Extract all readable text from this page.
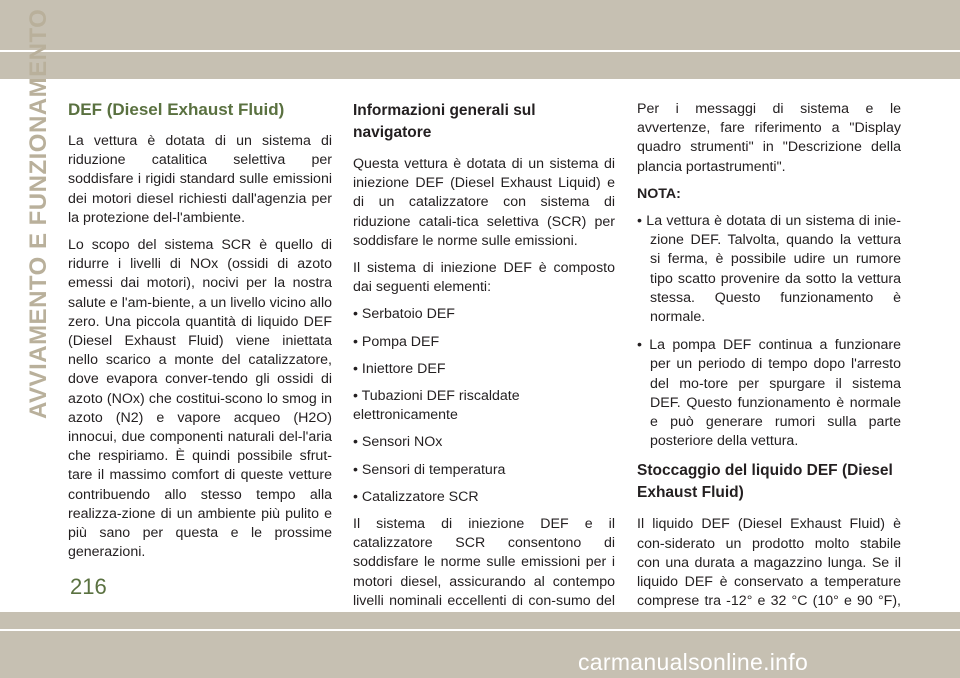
AVVIAMENTO E FUNZIONAMENTO DEF (Diesel Exhaust Fluid)

La vettura è dotata di un sistema di riduzione catalitica selettiva per soddisfare i rigidi standard sulle emissioni dei motori diesel richiesti dall'agenzia per la protezione del-l'ambiente.

Lo scopo del sistema SCR è quello di ridurre i livelli di NOx (ossidi di azoto emessi dai motori), nocivi per la nostra salute e l'am-biente, a un livello vicino allo zero. Una piccola quantità di liquido DEF (Diesel Exhaust Fluid) viene iniettata nello scarico a monte del catalizzatore, dove evapora conver-tendo gli ossidi di azoto (NOx) che costitui-scono lo smog in azoto (N2) e vapore acqueo (H2O) innocui, due componenti naturali del-l'aria che respiriamo. È quindi possibile sfrut-tare il massimo comfort di queste vetture contribuendo allo stesso tempo alla realizza-zione di un ambiente più pulito e più sano per questa e le prossime generazioni.

Informazioni generali sul navigatore

Questa vettura è dotata di un sistema di iniezione DEF (Diesel Exhaust Liquid) e di un catalizzatore con sistema di riduzione catali-tica selettiva (SCR) per soddisfare le norme sulle emissioni.

Il sistema di iniezione DEF è composto dai seguenti elementi:

• Serbatoio DEF
• Pompa DEF
• Iniettore DEF
• Tubazioni DEF riscaldate elettronicamente
• Sensori NOx
• Sensori di temperatura
• Catalizzatore SCR

Il sistema di iniezione DEF e il catalizzatore SCR consentono di soddisfare le norme sulle emissioni per i motori diesel, assicurando al contempo livelli nominali eccellenti di con-sumo del

Per i messaggi di sistema e le avvertenze, fare riferimento a "Display quadro strumenti" in "Descrizione della plancia portastrumenti".

NOTA:
• La vettura è dotata di un sistema di inie-zione DEF. Talvolta, quando la vettura si ferma, è possibile udire un rumore tipo scatto provenire da sotto la vettura stessa. Questo funzionamento è normale.
• La pompa DEF continua a funzionare per un periodo di tempo dopo l'arresto del mo-tore per spurgare il sistema DEF. Questo funzionamento è normale e può generare rumori sulla parte posteriore della vettura.
Stoccaggio del liquido DEF (Diesel Exhaust Fluid)

Il liquido DEF (Diesel Exhaust Fluid) è con-siderato un prodotto molto stabile con una durata a magazzino lunga. Se il liquido DEF è conservato a temperature comprese tra -12° e 32 °C (10° e 90 °F),

216
carmanualsonline.info
